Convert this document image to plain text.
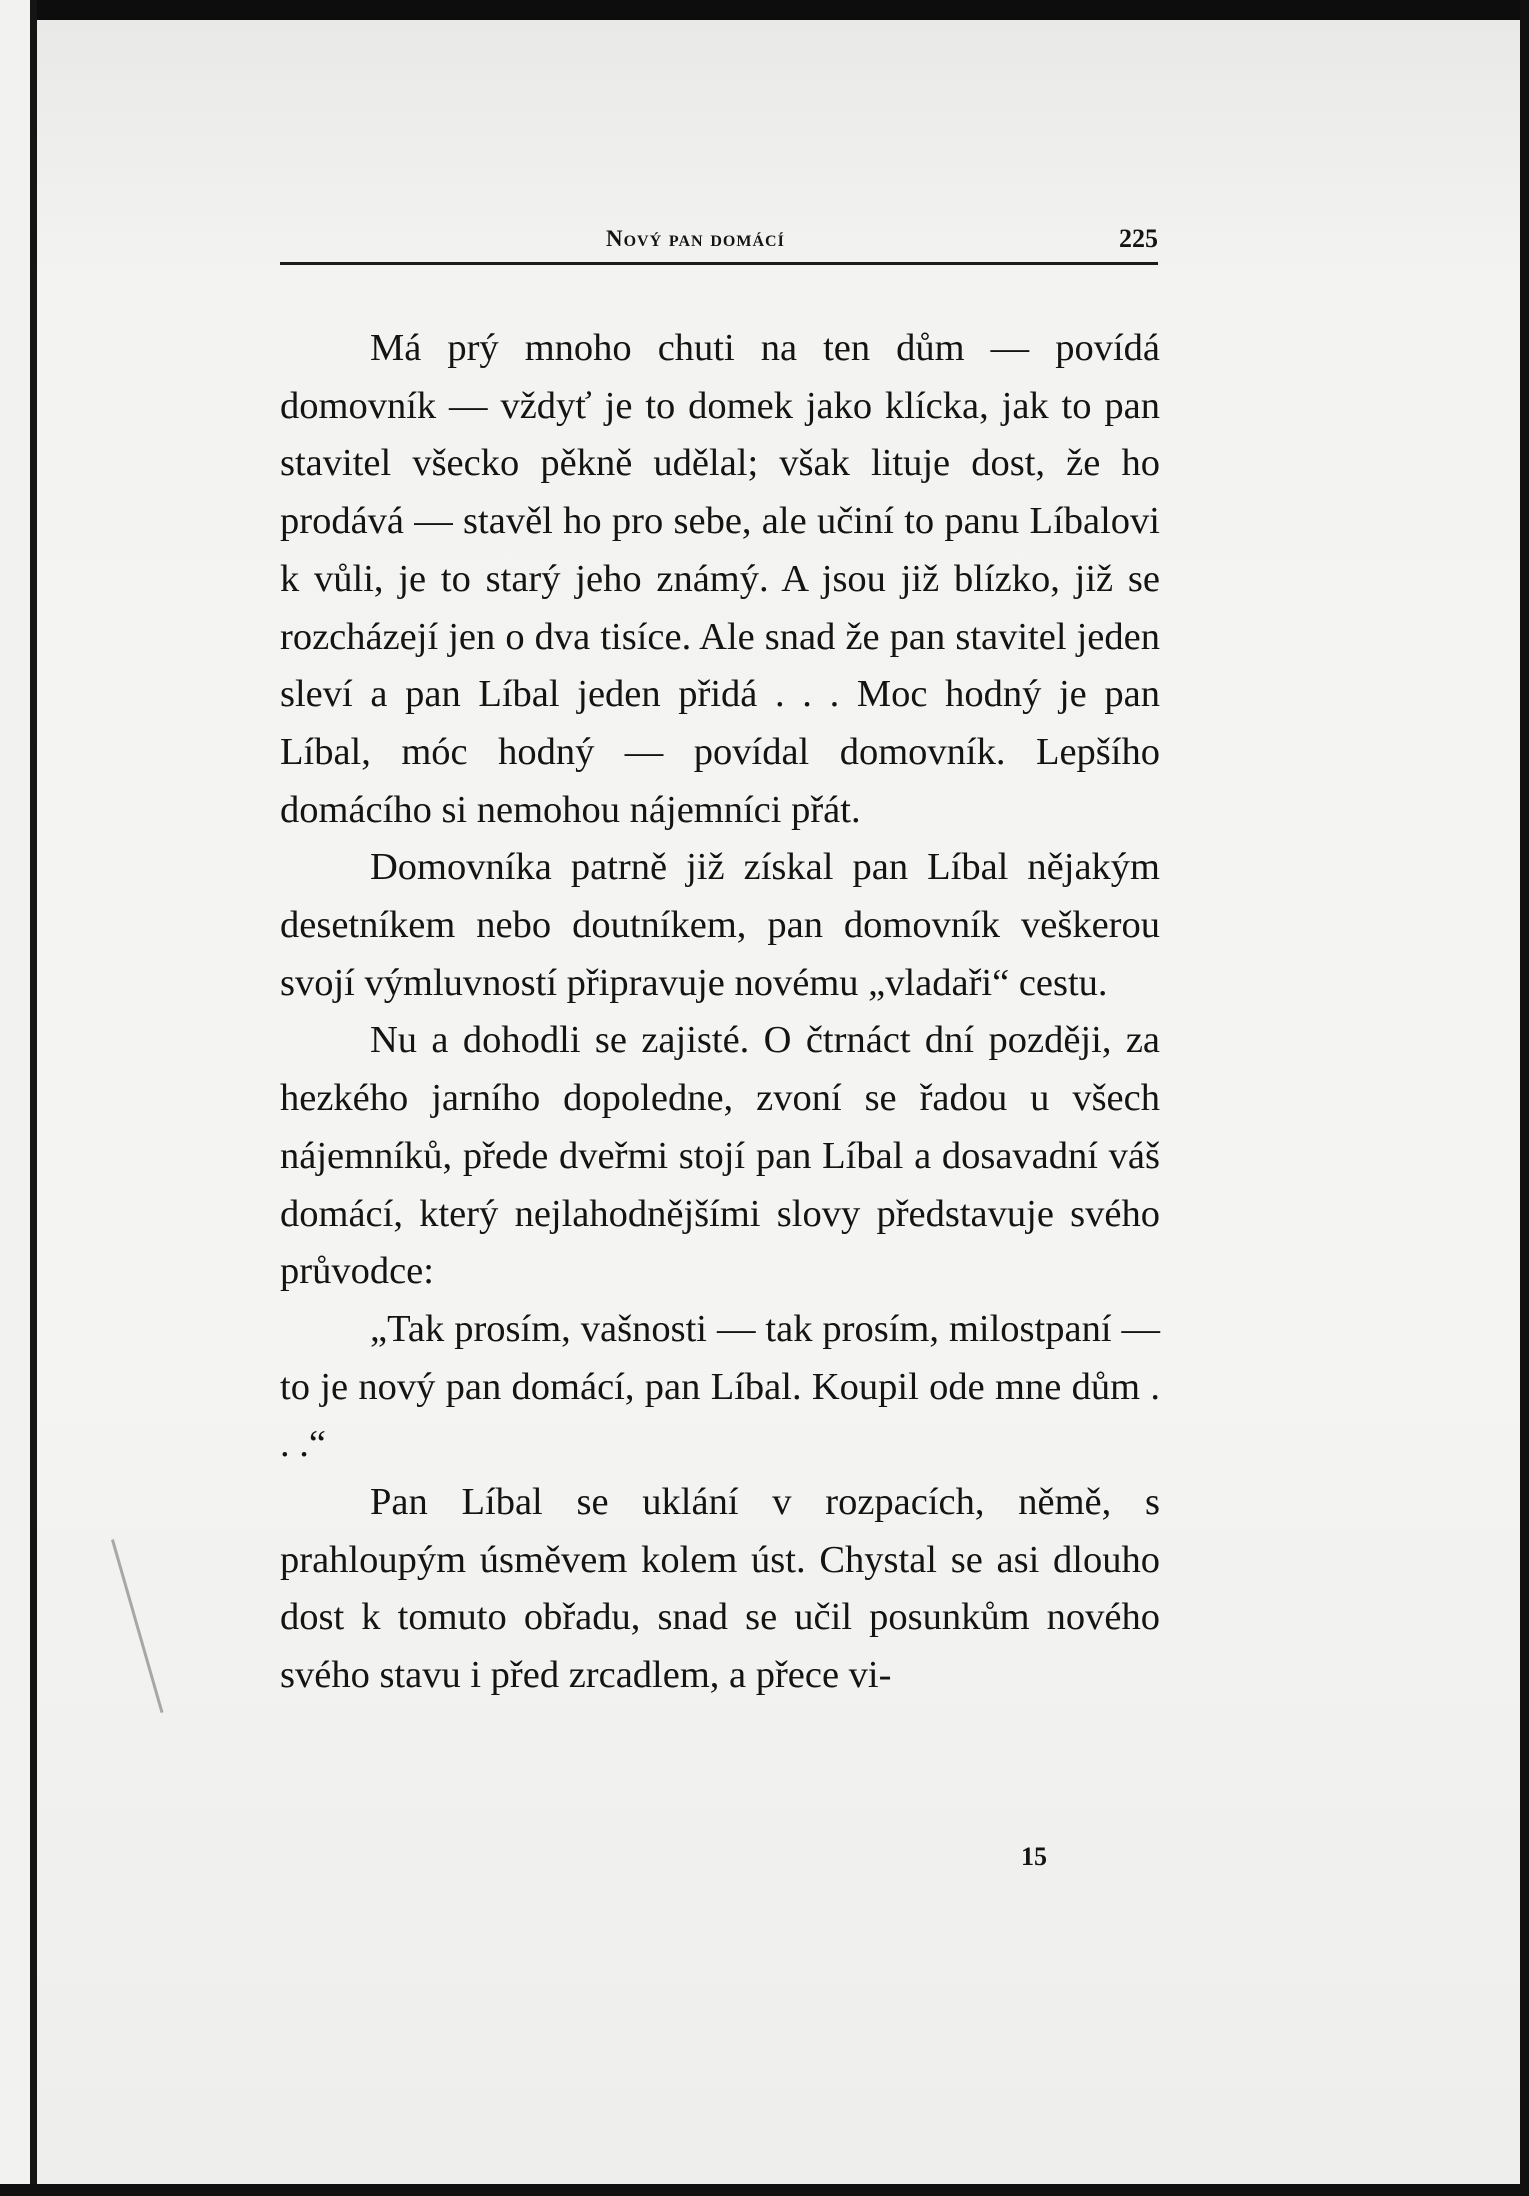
Nový pan domácí	225

Má prý mnoho chuti na ten dům — povídá domovník — vždyť je to domek jako klícka, jak to pan stavitel všecko pěkně udělal; však lituje dost, že ho prodává — stavěl ho pro sebe, ale učiní to panu Líbalovi k vůli, je to starý jeho známý. A jsou již blízko, již se rozcházejí jen o dva tisíce. Ale snad že pan stavitel jeden sleví a pan Líbal jeden přidá . . . Moc hodný je pan Líbal, móc hodný — povídal domovník. Lepšího domácího si nemohou nájemníci přát.

Domovníka patrně již získal pan Líbal nějakým desetníkem nebo doutníkem, pan domovník veškerou svojí výmluvností připravuje novému „vladaři“ cestu.

Nu a dohodli se zajisté. O čtrnáct dní později, za hezkého jarního dopoledne, zvoní se řadou u všech nájemníků, přede dveřmi stojí pan Líbal a dosavadní váš domácí, který nejlahodnějšími slovy představuje svého průvodce:

„Tak prosím, vašnosti — tak prosím, milostpaní — to je nový pan domácí, pan Líbal. Koupil ode mne dům . . .“

Pan Líbal se uklání v rozpacích, němě, s prahloupým úsměvem kolem úst. Chystal se asi dlouho dost k tomuto obřadu, snad se učil posunkům nového svého stavu i před zrcadlem, a přece vi-

15
